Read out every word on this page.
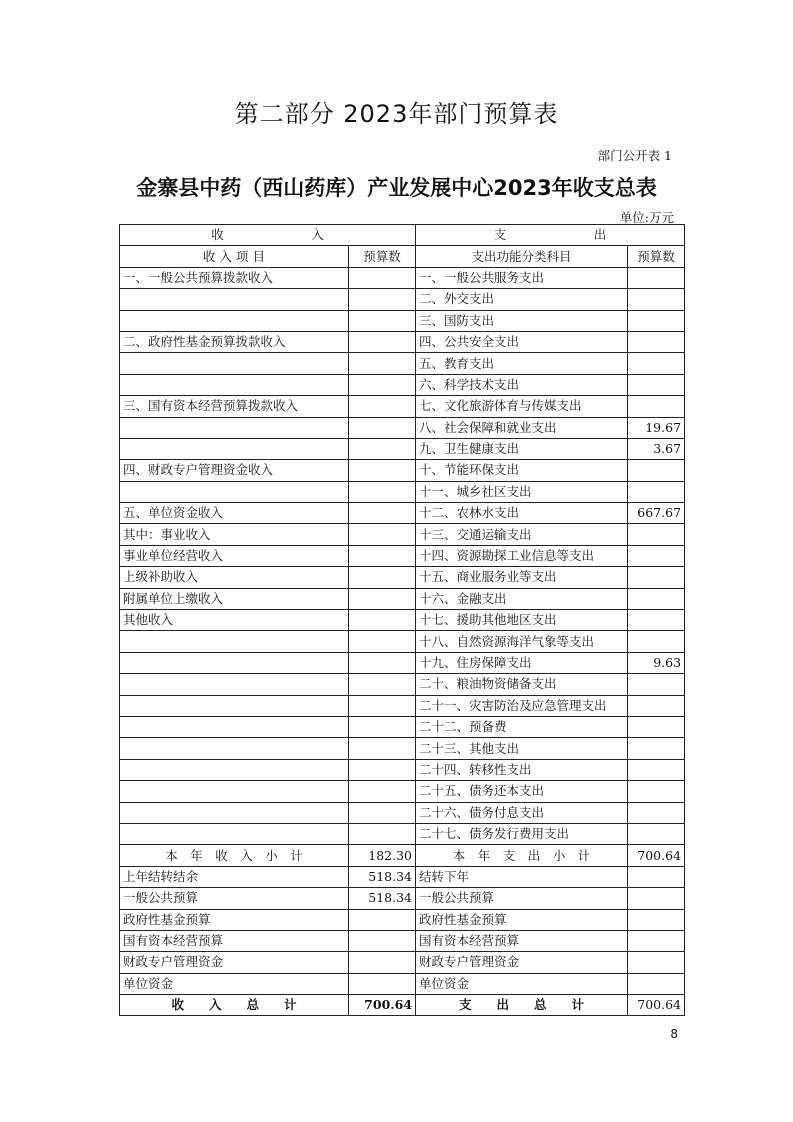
第二部分 2023年部门预算表
部门公开表 1
金寨县中药（西山药库）产业发展中心2023年收支总表
单位:万元
收　　　　　　　入		支　　　　　　　出	
收 入 项 目	预算数	支出功能分类科目	预算数
一、一般公共预算拨款收入		一、一般公共服务支出	
		二、外交支出	
		三、国防支出	
二、政府性基金预算拨款收入		四、公共安全支出	
		五、教育支出	
		六、科学技术支出	
三、国有资本经营预算拨款收入		七、文化旅游体育与传媒支出	
		八、社会保障和就业支出	19.67
		九、卫生健康支出	3.67
四、财政专户管理资金收入		十、节能环保支出	
		十一、城乡社区支出	
五、单位资金收入		十二、农林水支出	667.67
其中：事业收入		十三、交通运输支出	
事业单位经营收入		十四、资源勘探工业信息等支出	
上级补助收入		十五、商业服务业等支出	
附属单位上缴收入		十六、金融支出	
其他收入		十七、援助其他地区支出	
		十八、自然资源海洋气象等支出	
		十九、住房保障支出	9.63
		二十、粮油物资储备支出	
		二十一、灾害防治及应急管理支出	
		二十二、预备费	
		二十三、其他支出	
		二十四、转移性支出	
		二十五、债务还本支出	
		二十六、债务付息支出	
		二十七、债务发行费用支出	
本　年　收　入　小　计	182.30	本　年　支　出　小　计	700.64
上年结转结余	518.34	结转下年	
一般公共预算	518.34	一般公共预算	
政府性基金预算		政府性基金预算	
国有资本经营预算		国有资本经营预算	
财政专户管理资金		财政专户管理资金	
单位资金		单位资金	
收　　入　　总　　计	700.64	支　　出　　总　　计	700.64
8
